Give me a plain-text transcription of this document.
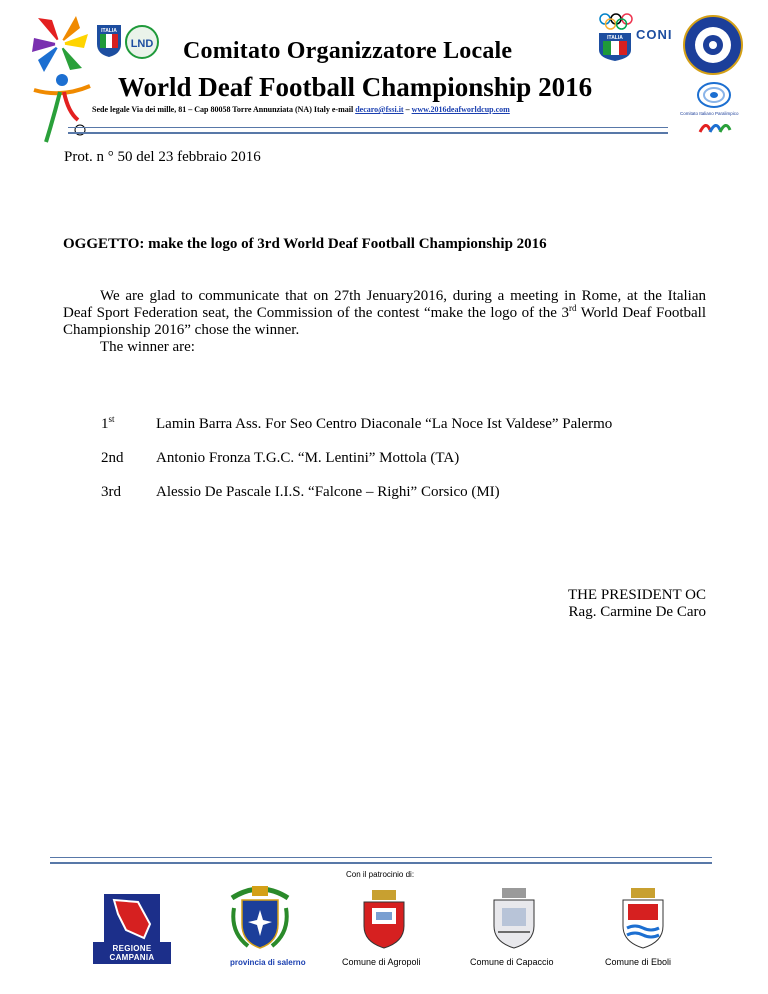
ITALIA
LND Comitato Organizzatore Locale
World Deaf Football Championship 2016
Sede legale Via dei mille, 81 – Cap 80058 Torre Annunziata (NA) Italy e-mail decaro@fssi.it – www.2016deafworldcup.com
ITALIA CONI
Comitato Italiano Paralimpico
Prot. n ° 50 del 23 febbraio 2016
OGGETTO: make the logo of 3rd World Deaf Football Championship 2016

We are glad to communicate that on 27th Jenuary2016, during a meeting in Rome, at the Italian Deaf Sport Federation seat, the Commission of the contest “make the logo of the 3rd World Deaf Football Championship 2016” chose the winner.

The winner are:

1st	Lamin Barra Ass. For Seo Centro Diaconale “La Noce Ist Valdese” Palermo
2nd Antonio Fronza T.G.C. “M. Lentini” Mottola (TA)
3rd Alessio De Pascale I.I.S. “Falcone – Righi” Corsico (MI)
THE PRESIDENT OC
Rag. Carmine De Caro
Con il patrocinio di:
REGIONE CAMPANIA
provincia di salerno	Comune di Agropoli	Comune di Capaccio	Comune di Eboli
